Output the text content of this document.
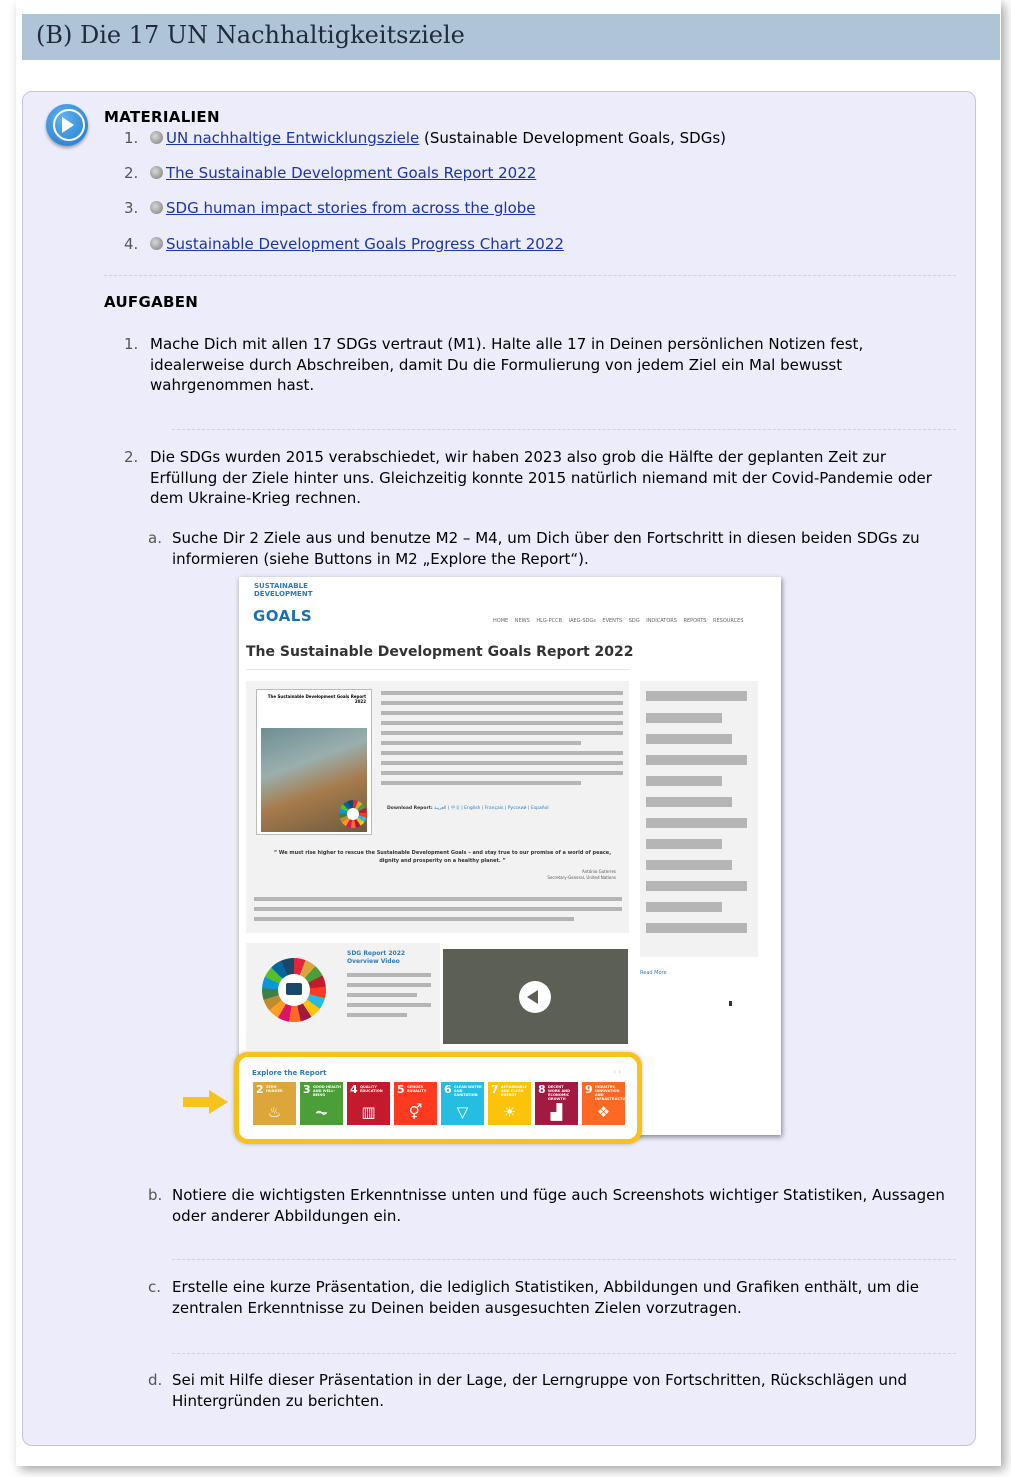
(B) Die 17 UN Nachhaltigkeitsziele
MATERIALIEN
1. UN nachhaltige Entwicklungsziele (Sustainable Development Goals, SDGs)
2. The Sustainable Development Goals Report 2022
3. SDG human impact stories from across the globe
4. Sustainable Development Goals Progress Chart 2022
AUFGABEN
1. Mache Dich mit allen 17 SDGs vertraut (M1). Halte alle 17 in Deinen persönlichen Notizen fest, idealerweise durch Abschreiben, damit Du die Formulierung von jedem Ziel ein Mal bewusst wahrgenommen hast.
2. Die SDGs wurden 2015 verabschiedet, wir haben 2023 also grob die Hälfte der geplanten Zeit zur Erfüllung der Ziele hinter uns. Gleichzeitig konnte 2015 natürlich niemand mit der Covid-Pandemie oder dem Ukraine-Krieg rechnen.
a. Suche Dir 2 Ziele aus und benutze M2 – M4, um Dich über den Fortschritt in diesen beiden SDGs zu informieren (siehe Buttons in M2 „Explore the Report“).
SUSTAINABLE
DEVELOPMENT
GOALS	HOME NEWS HLG-PCCB IAEG-SDGs EVENTS SDG INDICATORS REPORTS RESOURCES
The Sustainable Development Goals Report 2022
The Sustainable Development Goals Report 2022
Download Report: العربية | 中文 | English | Français | Русский | Español
“ We must rise higher to rescue the Sustainable Development Goals – and stay true to our promise of a world of peace, dignity and prosperity on a healthy planet. ”
António Guterres
Secretary-General, United Nations
Read More
SDG Report 2022
Overview Video
Explore the Report	‹ ›
2 ZERO HUNGER
♨
3 GOOD HEALTH AND WELL-BEING
⏦
4 QUALITY EDUCATION
▥
5 GENDER EQUALITY
⚥
6 CLEAN WATER AND SANITATION
▽
7 AFFORDABLE AND CLEAN ENERGY
☀
8 DECENT WORK AND ECONOMIC GROWTH
▟
9 INDUSTRY, INNOVATION AND INFRASTRUCTURE
❖
b. Notiere die wichtigsten Erkenntnisse unten und füge auch Screenshots wichtiger Statistiken, Aussagen oder anderer Abbildungen ein.
c. Erstelle eine kurze Präsentation, die lediglich Statistiken, Abbildungen und Grafiken enthält, um die zentralen Erkenntnisse zu Deinen beiden ausgesuchten Zielen vorzutragen.
d. Sei mit Hilfe dieser Präsentation in der Lage, der Lerngruppe von Fortschritten, Rückschlägen und Hintergründen zu berichten.
